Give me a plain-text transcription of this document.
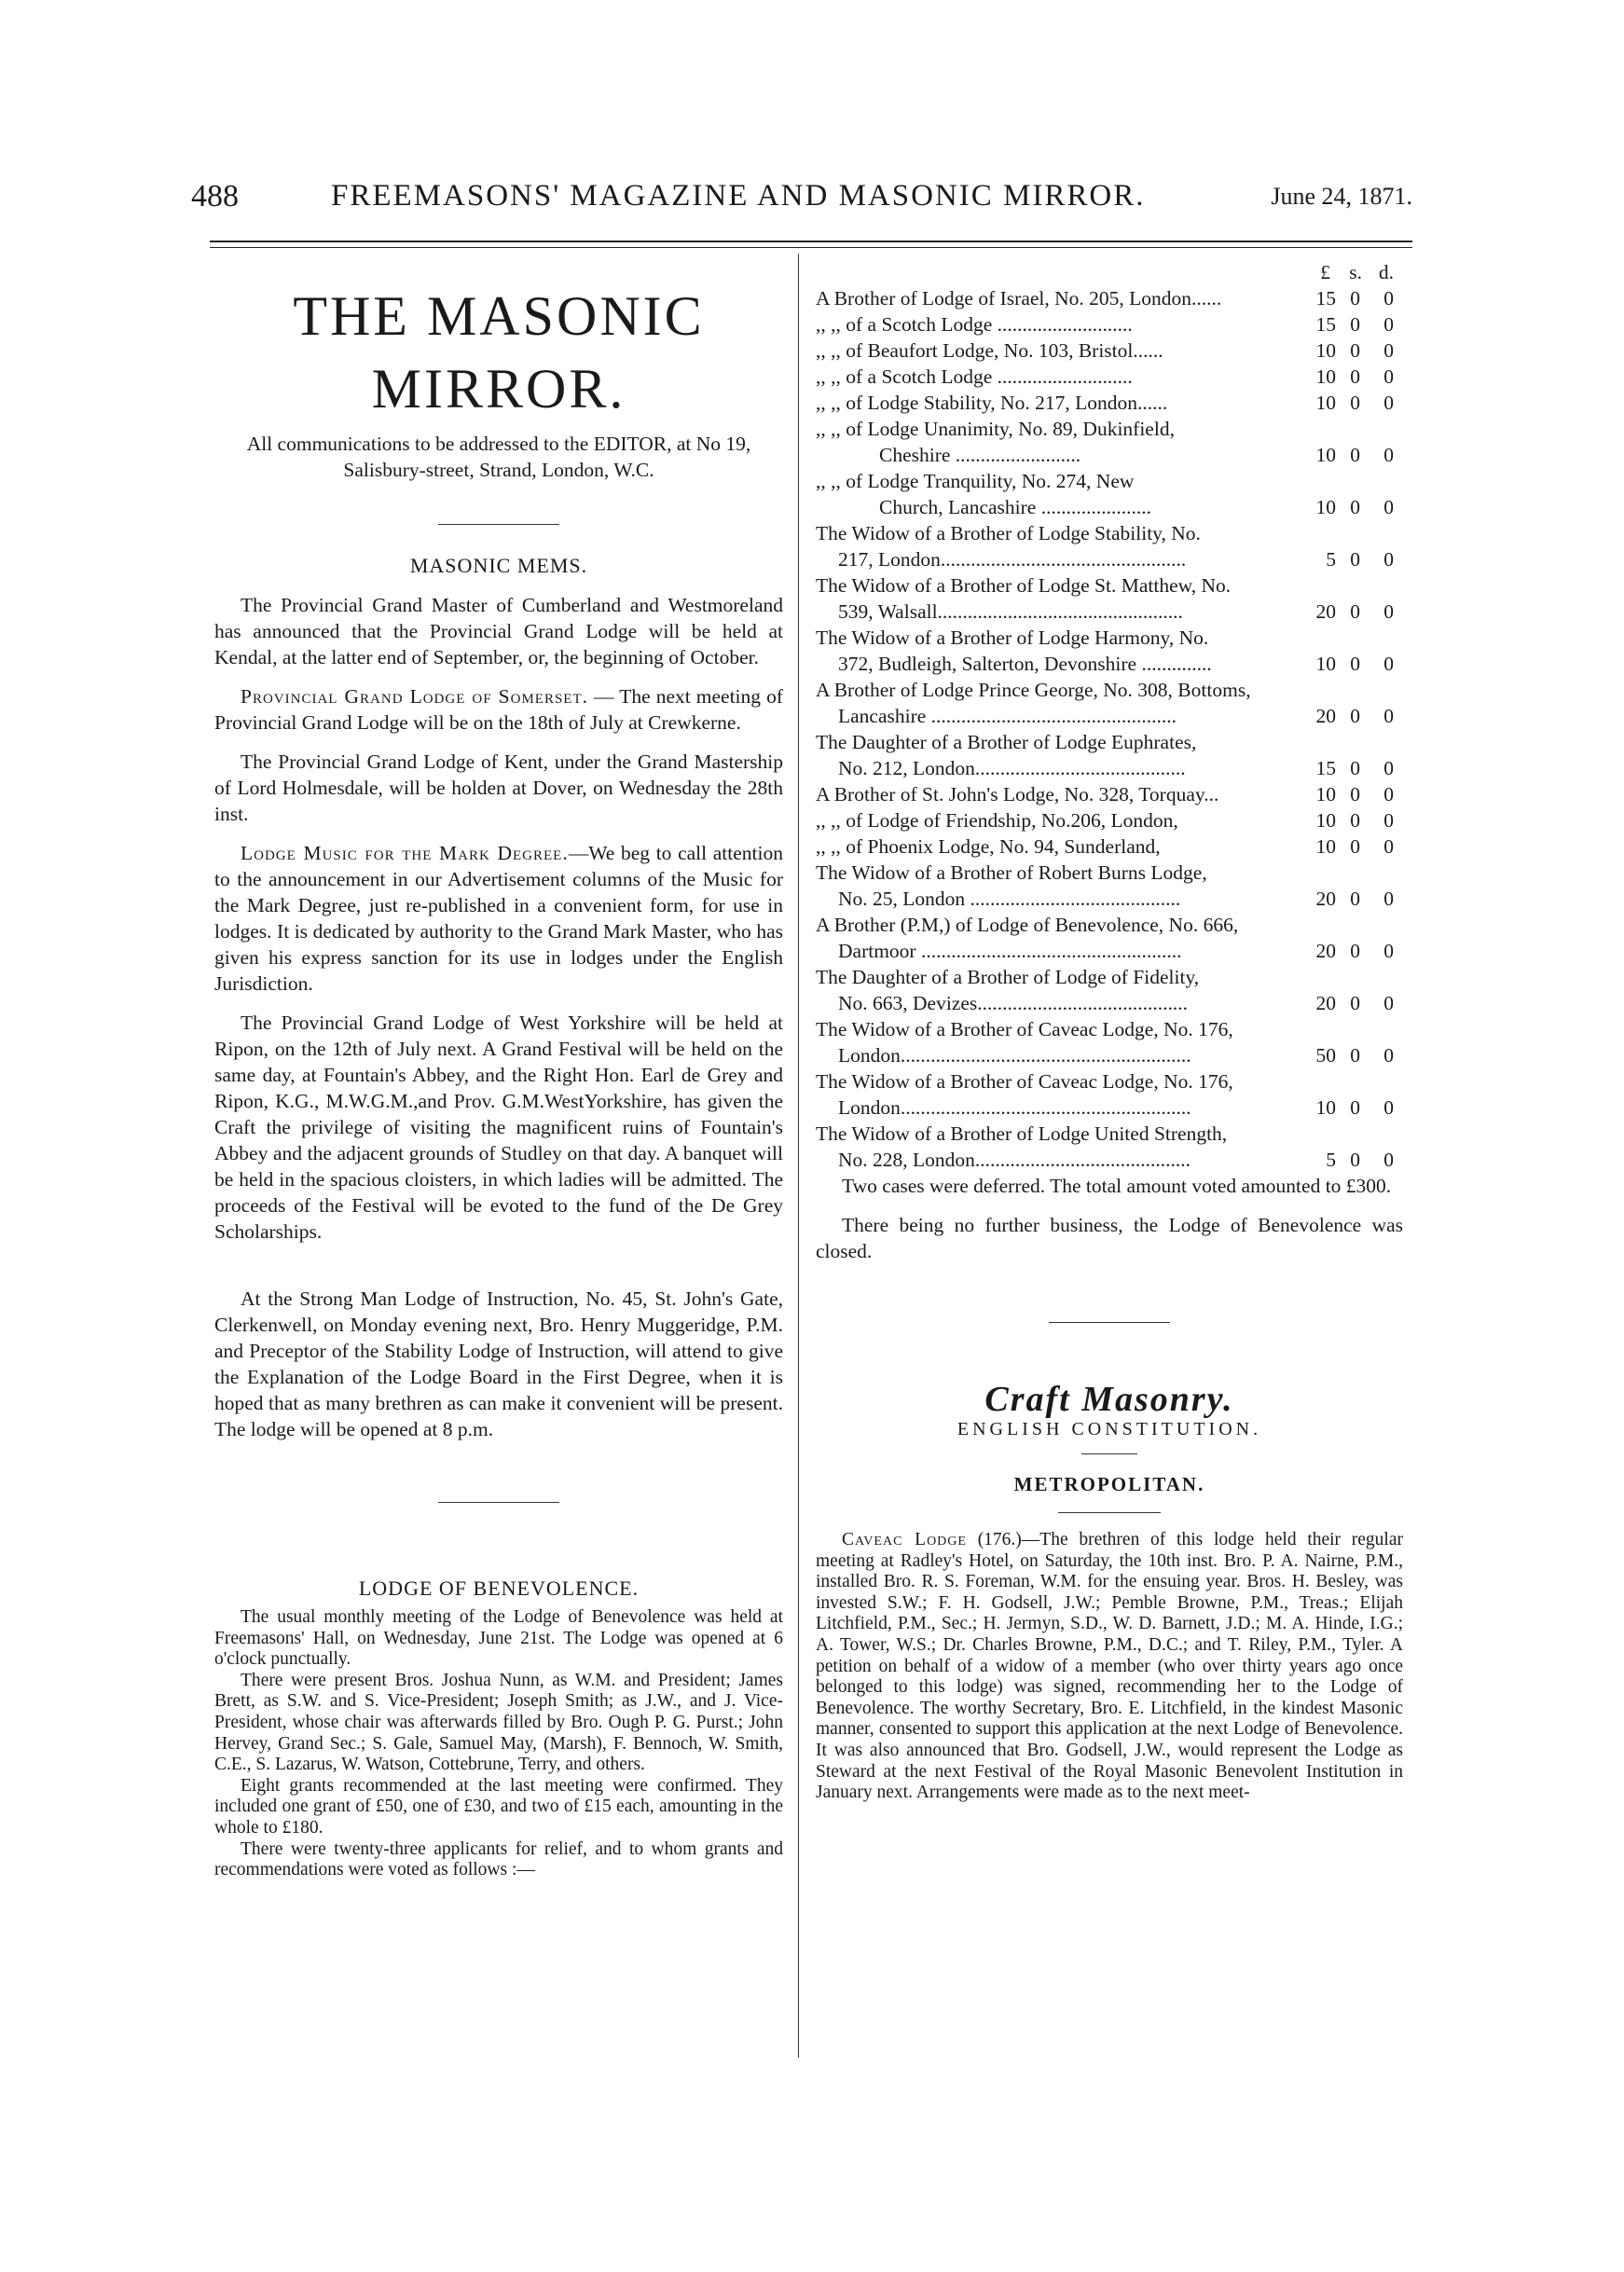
488	FREEMASONS' MAGAZINE AND MASONIC MIRROR.	June 24, 1871.
THE MASONIC MIRROR.
All communications to be addressed to the EDITOR, at No 19, Salisbury-street, Strand, London, W.C.
MASONIC MEMS.

The Provincial Grand Master of Cumberland and Westmoreland has announced that the Provincial Grand Lodge will be held at Kendal, at the latter end of September, or, the beginning of October.

Provincial Grand Lodge of Somerset. — The next meeting of Provincial Grand Lodge will be on the 18th of July at Crewkerne.

The Provincial Grand Lodge of Kent, under the Grand Mastership of Lord Holmesdale, will be holden at Dover, on Wednesday the 28th inst.

Lodge Music for the Mark Degree.—We beg to call attention to the announcement in our Advertisement columns of the Music for the Mark Degree, just re-published in a convenient form, for use in lodges. It is dedicated by authority to the Grand Mark Master, who has given his express sanction for its use in lodges under the English Jurisdiction.

The Provincial Grand Lodge of West Yorkshire will be held at Ripon, on the 12th of July next. A Grand Festival will be held on the same day, at Fountain's Abbey, and the Right Hon. Earl de Grey and Ripon, K.G., M.W.G.M.,and Prov. G.M.WestYorkshire, has given the Craft the privilege of visiting the magnificent ruins of Fountain's Abbey and the adjacent grounds of Studley on that day. A banquet will be held in the spacious cloisters, in which ladies will be admitted. The proceeds of the Festival will be evoted to the fund of the De Grey Scholarships.

At the Strong Man Lodge of Instruction, No. 45, St. John's Gate, Clerkenwell, on Monday evening next, Bro. Henry Muggeridge, P.M. and Preceptor of the Stability Lodge of Instruction, will attend to give the Explanation of the Lodge Board in the First Degree, when it is hoped that as many brethren as can make it convenient will be present. The lodge will be opened at 8 p.m.

LODGE OF BENEVOLENCE.

The usual monthly meeting of the Lodge of Benevolence was held at Freemasons' Hall, on Wednesday, June 21st. The Lodge was opened at 6 o'clock punctually.

There were present Bros. Joshua Nunn, as W.M. and President; James Brett, as S.W. and S. Vice-President; Joseph Smith; as J.W., and J. Vice-President, whose chair was afterwards filled by Bro. Ough P. G. Purst.; John Hervey, Grand Sec.; S. Gale, Samuel May, (Marsh), F. Bennoch, W. Smith, C.E., S. Lazarus, W. Watson, Cottebrune, Terry, and others.

Eight grants recommended at the last meeting were confirmed. They included one grant of £50, one of £30, and two of £15 each, amounting in the whole to £180.

There were twenty-three applicants for relief, and to whom grants and recommendations were voted as follows :—

£ s. d.
A Brother of Lodge of Israel, No. 205, London......	15 0 0
,, ,, of a Scotch Lodge ...........................	15 0 0
,, ,, of Beaufort Lodge, No. 103, Bristol......	10 0 0
,, ,, of a Scotch Lodge ...........................	10 0 0
,, ,, of Lodge Stability, No. 217, London......	10 0 0
,, ,, of Lodge Unanimity, No. 89, Dukinfield,
Cheshire .........................	10 0 0
,, ,, of Lodge Tranquility, No. 274, New
Church, Lancashire ......................	10 0 0
The Widow of a Brother of Lodge Stability, No.
217, London.................................................	5 0 0
The Widow of a Brother of Lodge St. Matthew, No.
539, Walsall.................................................	20 0 0
The Widow of a Brother of Lodge Harmony, No.
372, Budleigh, Salterton, Devonshire ..............	10 0 0
A Brother of Lodge Prince George, No. 308, Bottoms,
Lancashire .................................................	20 0 0
The Daughter of a Brother of Lodge Euphrates,
No. 212, London..........................................	15 0 0
A Brother of St. John's Lodge, No. 328, Torquay...	10 0 0
,, ,, of Lodge of Friendship, No.206, London,	10 0 0
,, ,, of Phoenix Lodge, No. 94, Sunderland,	10 0 0
The Widow of a Brother of Robert Burns Lodge,
No. 25, London ..........................................	20 0 0
A Brother (P.M,) of Lodge of Benevolence, No. 666,
Dartmoor ....................................................	20 0 0
The Daughter of a Brother of Lodge of Fidelity,
No. 663, Devizes..........................................	20 0 0
The Widow of a Brother of Caveac Lodge, No. 176,
London..........................................................	50 0 0
The Widow of a Brother of Caveac Lodge, No. 176,
London..........................................................	10 0 0
The Widow of a Brother of Lodge United Strength,
No. 228, London...........................................	5 0 0

Two cases were deferred. The total amount voted amounted to £300.

There being no further business, the Lodge of Benevolence was closed.

Craft Masonry.
ENGLISH CONSTITUTION.
METROPOLITAN.

Caveac Lodge (176.)—The brethren of this lodge held their regular meeting at Radley's Hotel, on Saturday, the 10th inst. Bro. P. A. Nairne, P.M., installed Bro. R. S. Foreman, W.M. for the ensuing year. Bros. H. Besley, was invested S.W.; F. H. Godsell, J.W.; Pemble Browne, P.M., Treas.; Elijah Litchfield, P.M., Sec.; H. Jermyn, S.D., W. D. Barnett, J.D.; M. A. Hinde, I.G.; A. Tower, W.S.; Dr. Charles Browne, P.M., D.C.; and T. Riley, P.M., Tyler. A petition on behalf of a widow of a member (who over thirty years ago once belonged to this lodge) was signed, recommending her to the Lodge of Benevolence. The worthy Secretary, Bro. E. Litchfield, in the kindest Masonic manner, consented to support this application at the next Lodge of Benevolence. It was also announced that Bro. Godsell, J.W., would represent the Lodge as Steward at the next Festival of the Royal Masonic Benevolent Institution in January next. Arrangements were made as to the next meet-
